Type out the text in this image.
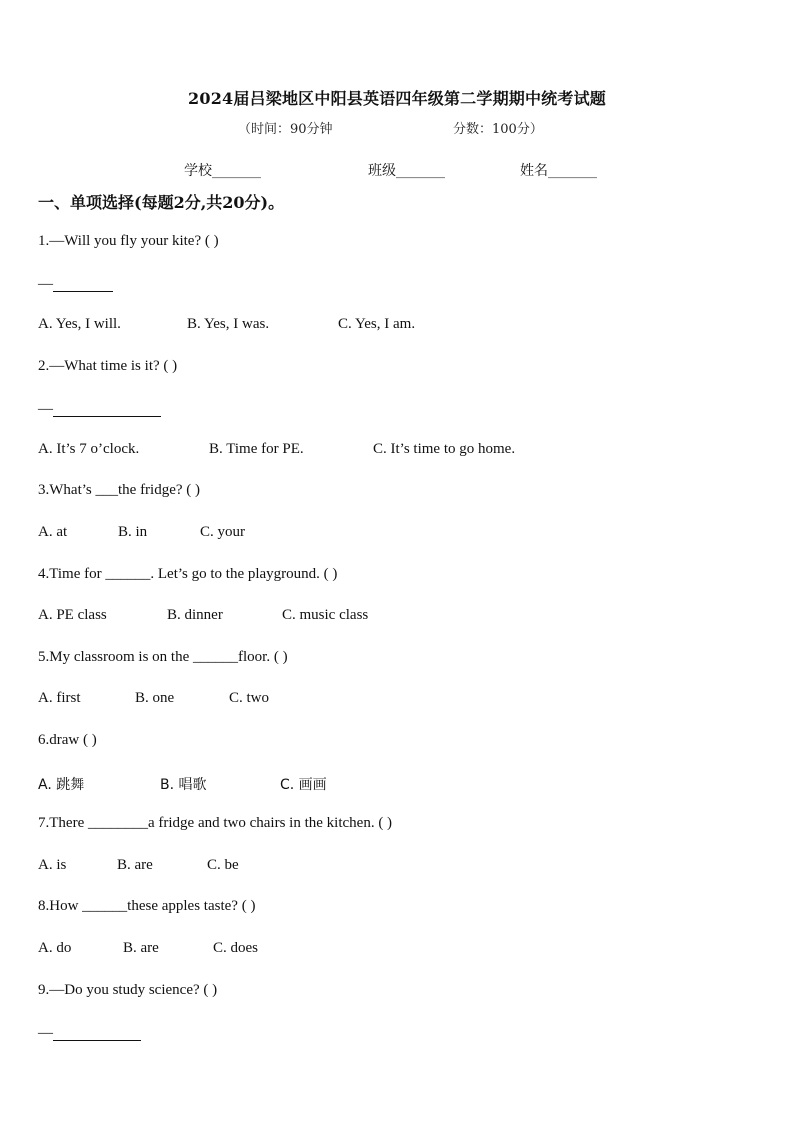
2024届吕梁地区中阳县英语四年级第二学期期中统考试题
（时间：90分钟	分数：100分）
学校_______	班级_______	姓名_______
一、单项选择(每题2分,共20分)。
1.—Will you fly your kite? ( )
—
A. Yes, I will.	B. Yes, I was.	C. Yes, I am.
2.—What time is it? ( )
—
A. It’s 7 o’clock.	B. Time for PE.	C. It’s time to go home.
3.What’s ___the fridge? ( )
A. at	B. in	C. your
4.Time for ______. Let’s go to the playground. ( )
A. PE class	B. dinner	C. music class
5.My classroom is on the ______floor. ( )
A. first	B. one	C. two
6.draw ( )
A. 跳舞	B. 唱歌	C. 画画
7.There ________a fridge and two chairs in the kitchen. ( )
A. is	B. are	C. be
8.How ______these apples taste? ( )
A. do	B. are	C. does
9.—Do you study science? ( )
—
